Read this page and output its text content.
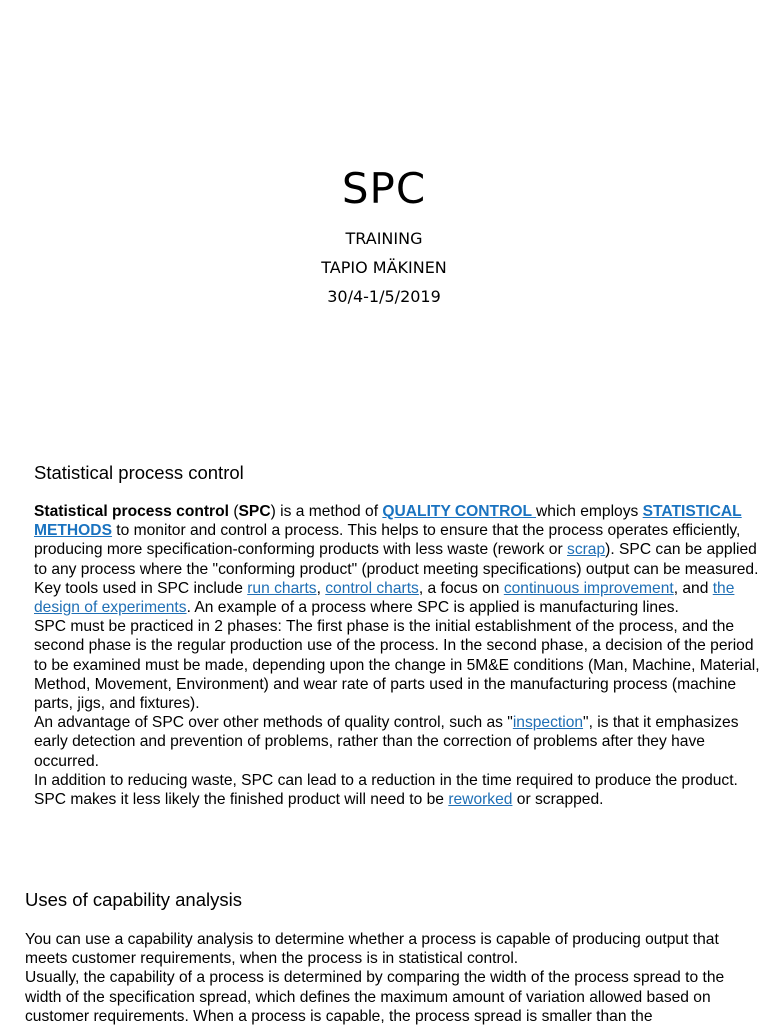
SPC

TRAINING

TAPIO MÄKINEN

30/4-1/5/2019

Statistical process control

Statistical process control (SPC) is a method of QUALITY CONTROL which employs STATISTICAL METHODS to monitor and control a process. This helps to ensure that the process operates efficiently, producing more specification-conforming products with less waste (rework or scrap). SPC can be applied to any process where the "conforming product" (product meeting specifications) output can be measured. Key tools used in SPC include run charts, control charts, a focus on continuous improvement, and the design of experiments. An example of a process where SPC is applied is manufacturing lines.

SPC must be practiced in 2 phases: The first phase is the initial establishment of the process, and the second phase is the regular production use of the process. In the second phase, a decision of the period to be examined must be made, depending upon the change in 5M&E conditions (Man, Machine, Material, Method, Movement, Environment) and wear rate of parts used in the manufacturing process (machine parts, jigs, and fixtures).

An advantage of SPC over other methods of quality control, such as "inspection", is that it emphasizes early detection and prevention of problems, rather than the correction of problems after they have occurred.

In addition to reducing waste, SPC can lead to a reduction in the time required to produce the product. SPC makes it less likely the finished product will need to be reworked or scrapped.

Uses of capability analysis

You can use a capability analysis to determine whether a process is capable of producing output that meets customer requirements, when the process is in statistical control.

Usually, the capability of a process is determined by comparing the width of the process spread to the width of the specification spread, which defines the maximum amount of variation allowed based on customer requirements. When a process is capable, the process spread is smaller than the
